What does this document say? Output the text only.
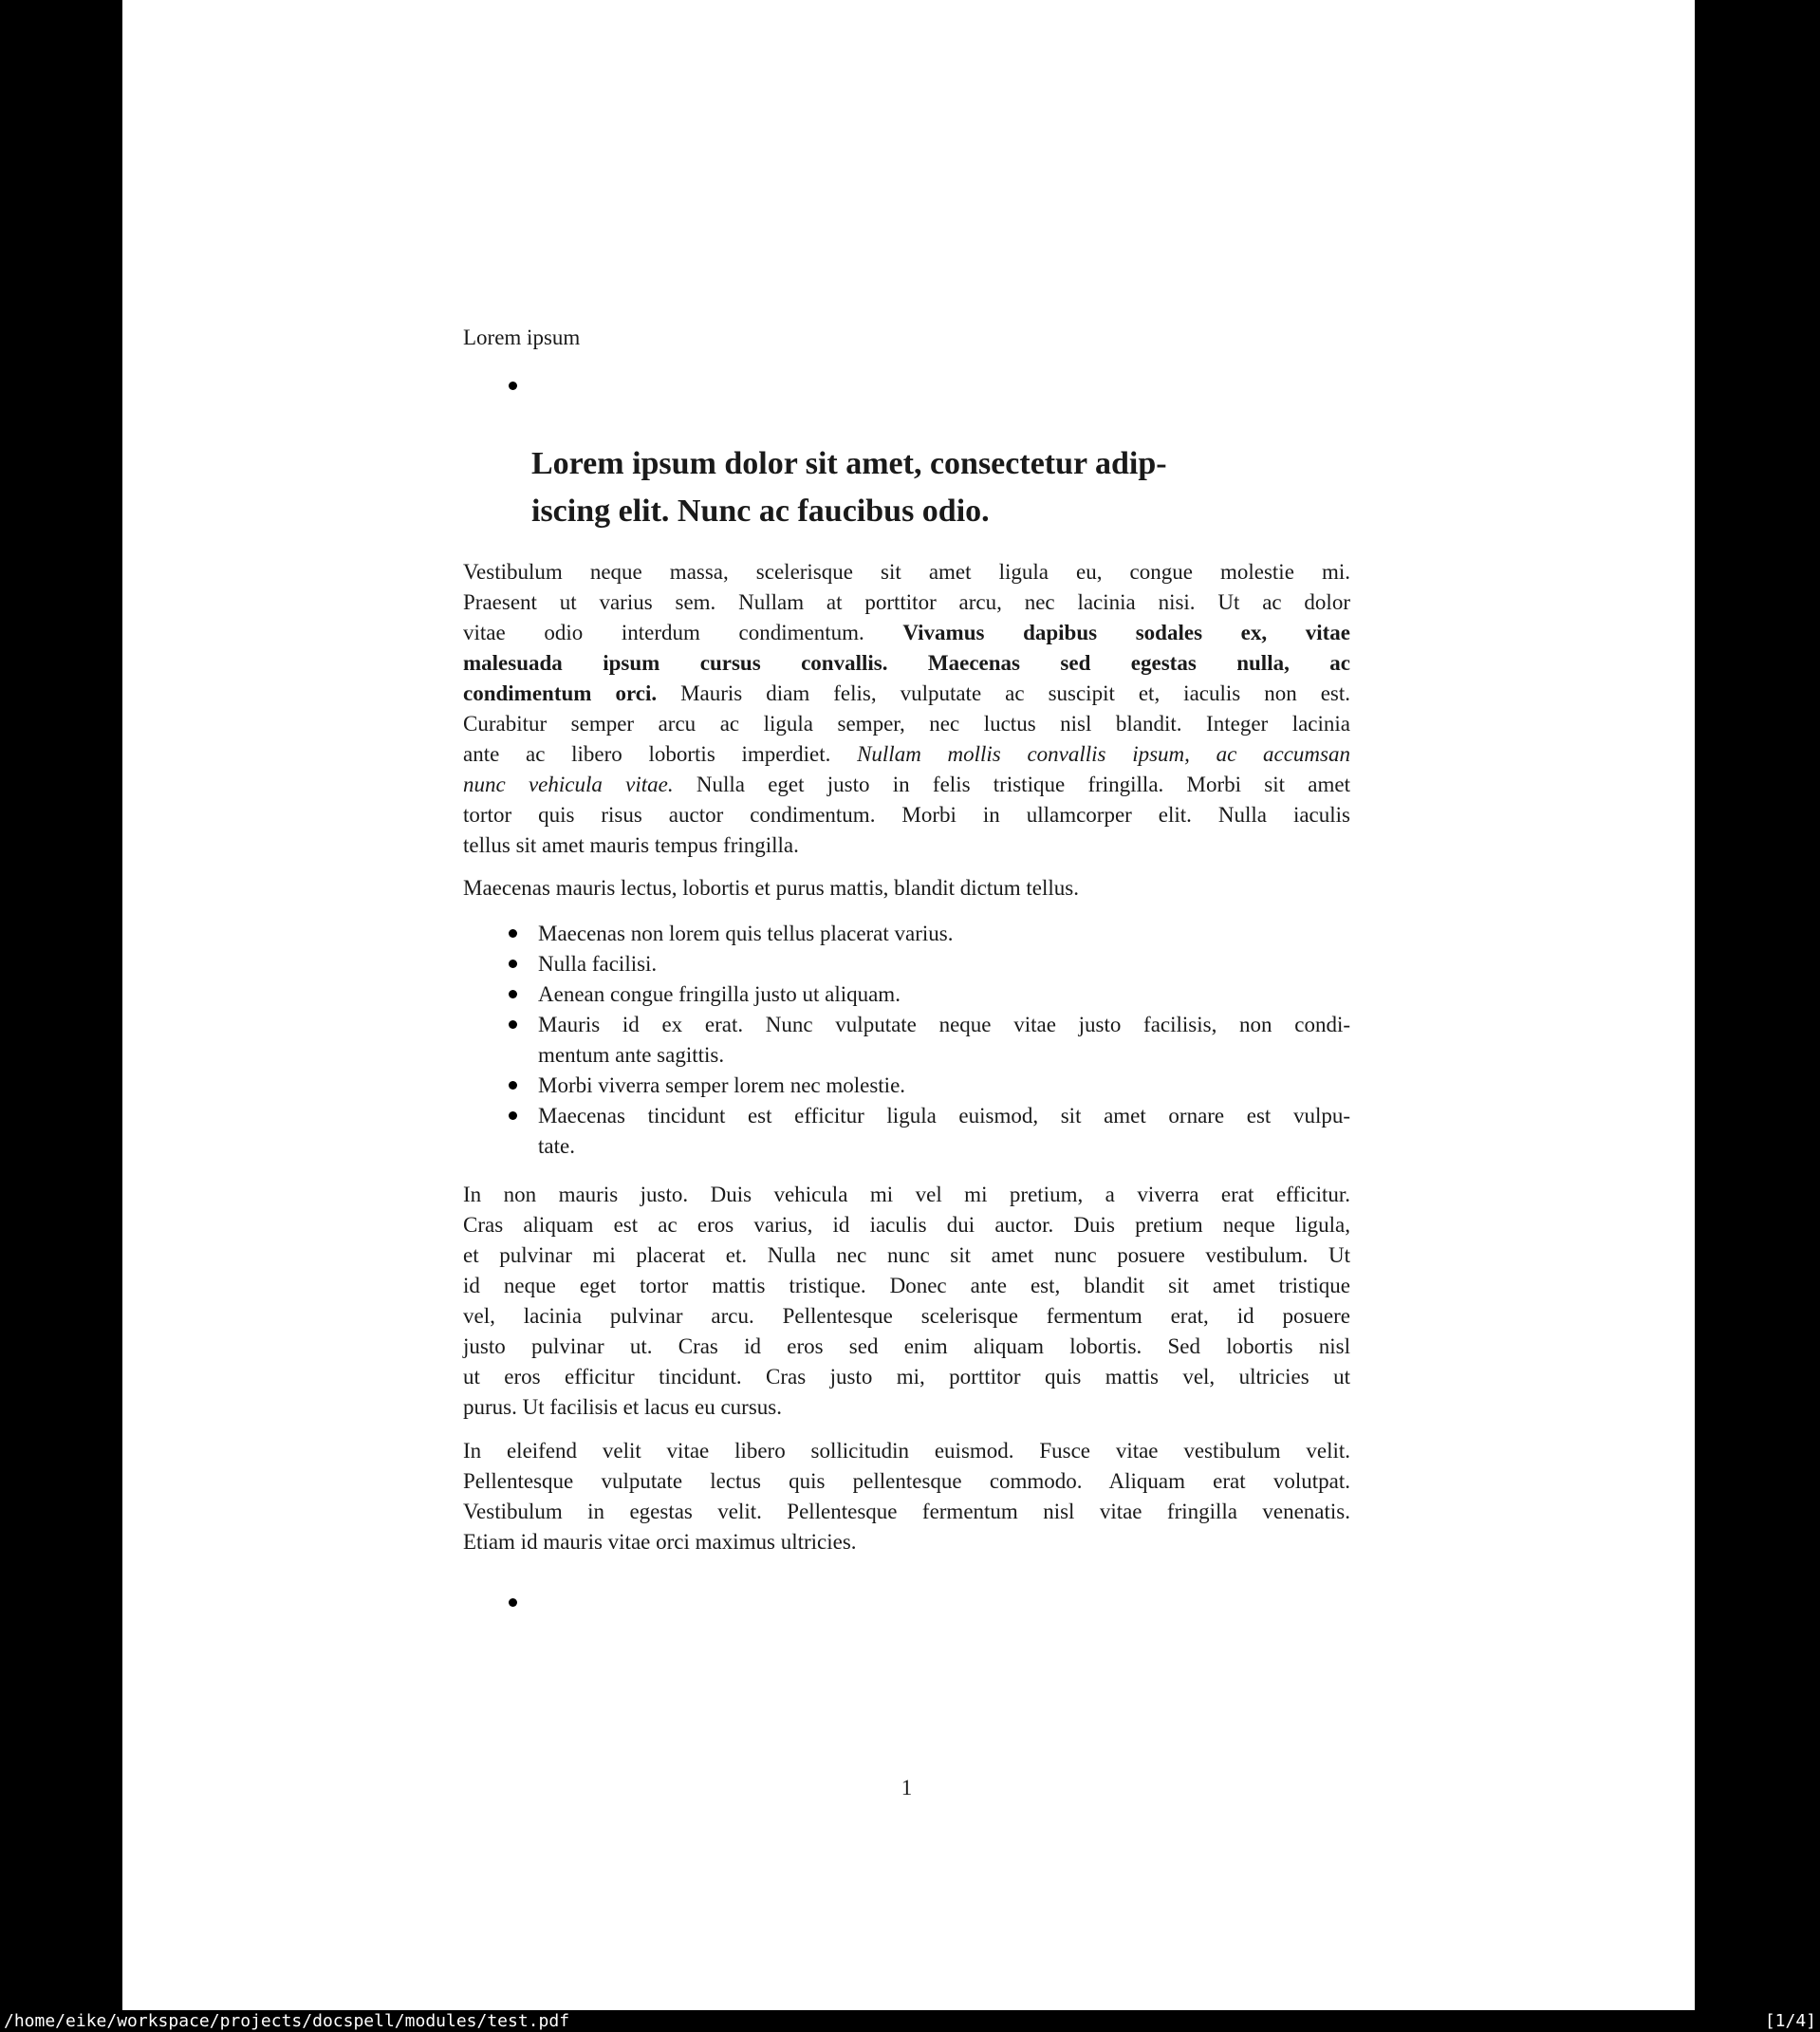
Lorem ipsum
Lorem ipsum dolor sit amet, consectetur adip-
iscing elit. Nunc ac faucibus odio.
Vestibulum neque massa, scelerisque sit amet ligula eu, congue molestie mi.
Praesent ut varius sem. Nullam at porttitor arcu, nec lacinia nisi. Ut ac dolor
vitae odio interdum condimentum. Vivamus dapibus sodales ex, vitae
malesuada ipsum cursus convallis. Maecenas sed egestas nulla, ac
condimentum orci. Mauris diam felis, vulputate ac suscipit et, iaculis non est.
Curabitur semper arcu ac ligula semper, nec luctus nisl blandit. Integer lacinia
ante ac libero lobortis imperdiet. Nullam mollis convallis ipsum, ac accumsan
nunc vehicula vitae. Nulla eget justo in felis tristique fringilla. Morbi sit amet
tortor quis risus auctor condimentum. Morbi in ullamcorper elit. Nulla iaculis
tellus sit amet mauris tempus fringilla.
Maecenas mauris lectus, lobortis et purus mattis, blandit dictum tellus.
Maecenas non lorem quis tellus placerat varius.
Nulla facilisi.
Aenean congue fringilla justo ut aliquam.
Mauris id ex erat. Nunc vulputate neque vitae justo facilisis, non condi-
mentum ante sagittis.
Morbi viverra semper lorem nec molestie.
Maecenas tincidunt est efficitur ligula euismod, sit amet ornare est vulpu-
tate.
In non mauris justo. Duis vehicula mi vel mi pretium, a viverra erat efficitur.
Cras aliquam est ac eros varius, id iaculis dui auctor. Duis pretium neque ligula,
et pulvinar mi placerat et. Nulla nec nunc sit amet nunc posuere vestibulum. Ut
id neque eget tortor mattis tristique. Donec ante est, blandit sit amet tristique
vel, lacinia pulvinar arcu. Pellentesque scelerisque fermentum erat, id posuere
justo pulvinar ut. Cras id eros sed enim aliquam lobortis. Sed lobortis nisl
ut eros efficitur tincidunt. Cras justo mi, porttitor quis mattis vel, ultricies ut
purus. Ut facilisis et lacus eu cursus.
In eleifend velit vitae libero sollicitudin euismod. Fusce vitae vestibulum velit.
Pellentesque vulputate lectus quis pellentesque commodo. Aliquam erat volutpat.
Vestibulum in egestas velit. Pellentesque fermentum nisl vitae fringilla venenatis.
Etiam id mauris vitae orci maximus ultricies.
1
/home/eike/workspace/projects/docspell/modules/test.pdf	[1/4]
